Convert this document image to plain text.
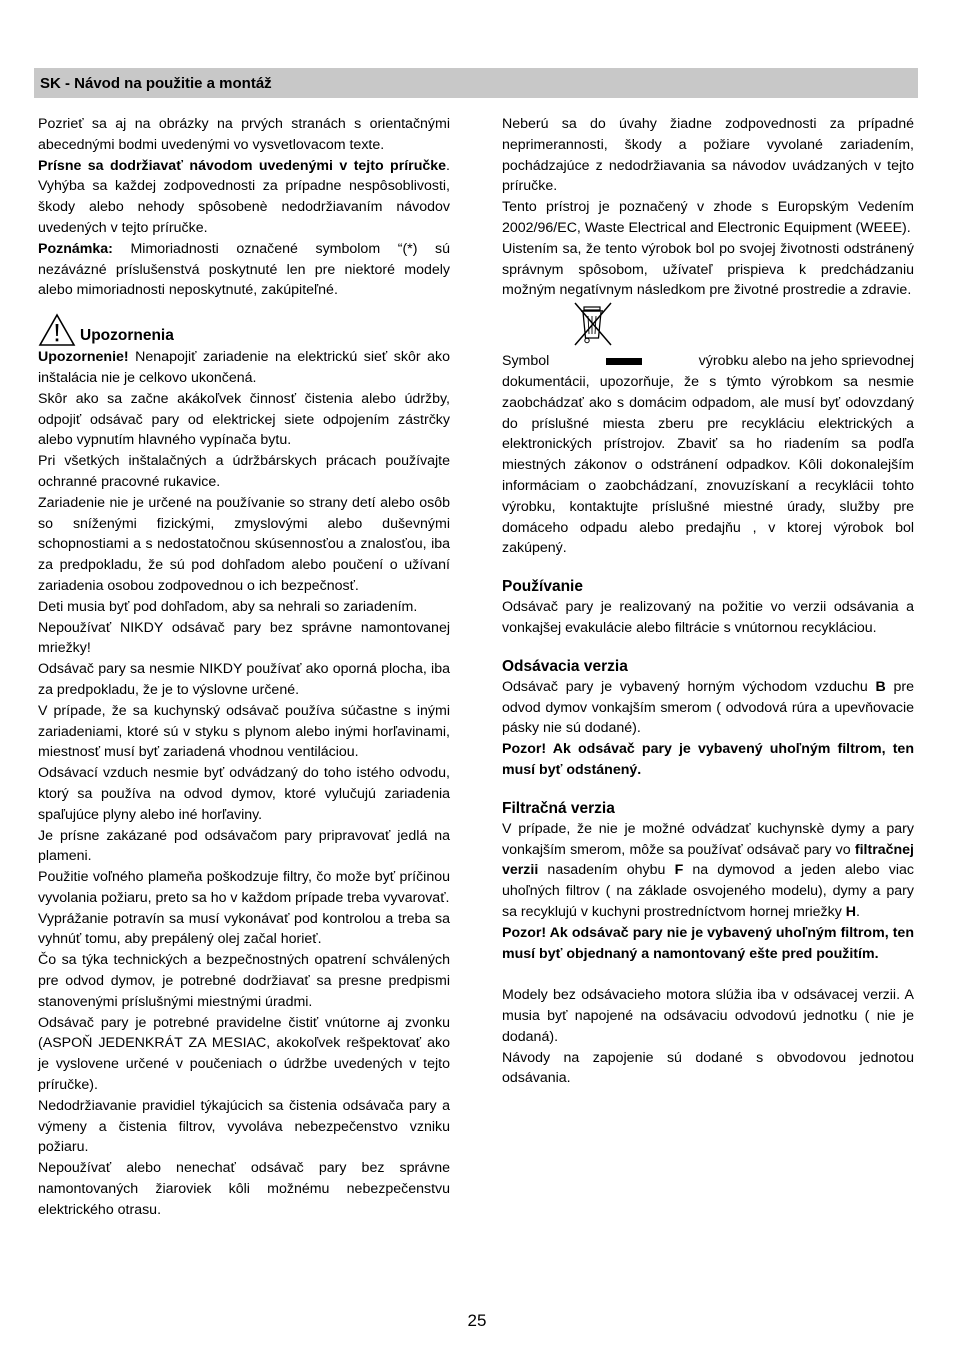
SK - Návod na použitie a montáž

Pozrieť sa aj na obrázky na prvých stranách s orientačnými abecednými bodmi uvedenými vo vysvetlovacom texte.

Prísne sa dodržiavať návodom uvedenými v tejto príručke. Vyhýba sa každej zodpovednosti za prípadne nespôsoblivosti, škody alebo nehody spôsobenè nedodržiavaním návodov uvedených v tejto príručke.

Poznámka: Mimoriadnosti označené symbolom “(*) sú nezávázné príslušenstvá poskytnuté len pre niektoré modely alebo mimoriadnosti neposkytnuté, zakúpiteľné.

Upozornenia

Upozornenie! Nenapojiť zariadenie na elektrickú sieť skôr ako inštalácia nie je celkovo ukončená.

Skôr ako sa začne akákoľvek činnosť čistenia alebo údržby, odpojiť odsávač pary od elektrickej siete odpojením zástrčky alebo vypnutím hlavného vypínača bytu.

Pri všetkých inštalačných a údržbárskych prácach používajte ochranné pracovné rukavice.

Zariadenie nie je určené na používanie so strany detí alebo osôb so sníženými fizickými, zmyslovými alebo duševnými schopnostiami a s nedostatočnou skúsennosťou a znalosťou, iba za predpokladu, že sú pod dohľadom alebo poučení o užívaní zariadenia osobou zodpovednou o ich bezpečnosť.

Deti musia byť pod dohľadom, aby sa nehrali so zariadením.

Nepoužívať NIKDY odsávač pary bez správne namontovanej mriežky!

Odsávač pary sa nesmie NIKDY používať ako oporná plocha, iba za predpokladu, že je to výslovne určené.

V prípade, že sa kuchynský odsávač používa súčastne s inými zariadeniami, ktoré sú v styku s plynom alebo inými horľavinami, miestnosť musí byť zariadená vhodnou ventiláciou.

Odsávací vzduch nesmie byť odvádzaný do toho istého odvodu, ktorý sa používa na odvod dymov, ktoré vylučujú zariadenia spaľujúce plyny alebo iné horľaviny.

Je prísne zakázané pod odsávačom pary pripravovať jedlá na plameni.

Použitie voľného plameňa poškodzuje filtry, čo može byť príčinou vyvolania požiaru, preto sa ho v každom prípade treba vyvarovať.

Vyprážanie potravín sa musí vykonávať pod kontrolou a treba sa vyhnúť tomu, aby prepálený olej začal horieť.

Čo sa týka technických a bezpečnostných opatrení schválených pre odvod dymov, je potrebné dodržiavať sa presne predpismi stanovenými príslušnými miestnými úradmi.

Odsávač pary je potrebné pravidelne čistiť vnútorne aj zvonku (ASPOŇ JEDENKRÁT ZA MESIAC, akokoľvek rešpektovať ako je vyslovene určené v poučeniach o údržbe uvedených v tejto príručke).

Nedodržiavanie pravidiel týkajúcich sa čistenia odsávača pary a výmeny a čistenia filtrov, vyvoláva nebezpečenstvo vzniku požiaru.

Nepoužívať alebo nenechať odsávač pary bez správne namontovaných žiaroviek kôli možnému nebezpečenstvu elektrického otrasu.

Neberú sa do úvahy žiadne zodpovednosti za prípadné neprimerannosti, škody a požiare vyvolané zariadením, pochádzajúce z nedodržiavania sa návodov uvádzaných v tejto príručke.

Tento prístroj je poznačený v zhode s Europským Vedením 2002/96/EC, Waste Electrical and Electronic Equipment (WEEE).

Uistením sa, že tento výrobok bol po svojej životnosti odstránený správnym spôsobom, užívateľ prispieva k predchádzaniu možným negatívnym následkom pre životné prostredie a zdravie.

Symbol	výrobku alebo na jeho sprievodnej

dokumentácii, upozorňuje, že s týmto výrobkom sa nesmie zaobchádzať ako s domácim odpadom, ale musí byť odovzdaný do príslušné miesta zberu pre recykláciu elektrických a elektronických prístrojov. Zbaviť sa ho riadením sa podľa miestných zákonov o odstránení odpadkov. Kôli dokonalejším informáciam o zaobchádzaní, znovuzískaní a recyklácii tohto výrobku, kontaktujte príslušné miestné úrady, služby pre domáceho odpadu alebo predajňu , v ktorej výrobok bol zakúpený.

Používanie

Odsávač pary je realizovaný na požitie vo verzii odsávania a vonkajšej evakulácie alebo filtrácie s vnútornou recykláciou.

Odsávacia verzia

Odsávač pary je vybavený horným východom vzduchu B pre odvod dymov vonkajším smerom ( odvodová rúra a upevňovacie pásky nie sú dodané).

Pozor! Ak odsávač pary je vybavený uhoľným filtrom, ten musí byť odstánený.

Filtračná verzia

V prípade, že nie je možné odvádzať kuchynskè dymy a pary vonkajším smerom, môže sa používať odsávač pary vo filtračnej verzii nasadením ohybu F na dymovod a jeden alebo viac uhoľných filtrov ( na základe osvojeného modelu), dymy a pary sa recyklujú v kuchyni prostredníctvom hornej mriežky H.

Pozor! Ak odsávač pary nie je vybavený uhoľným filtrom, ten musí byť objednaný a namontovaný ešte pred použitím.

Modely bez odsávacieho motora slúžia iba v odsávacej verzii. A musia byť napojené na odsávaciu odvodovú jednotku ( nie je dodaná).

Návody na zapojenie sú dodané s obvodovou jednotou odsávania.

25
